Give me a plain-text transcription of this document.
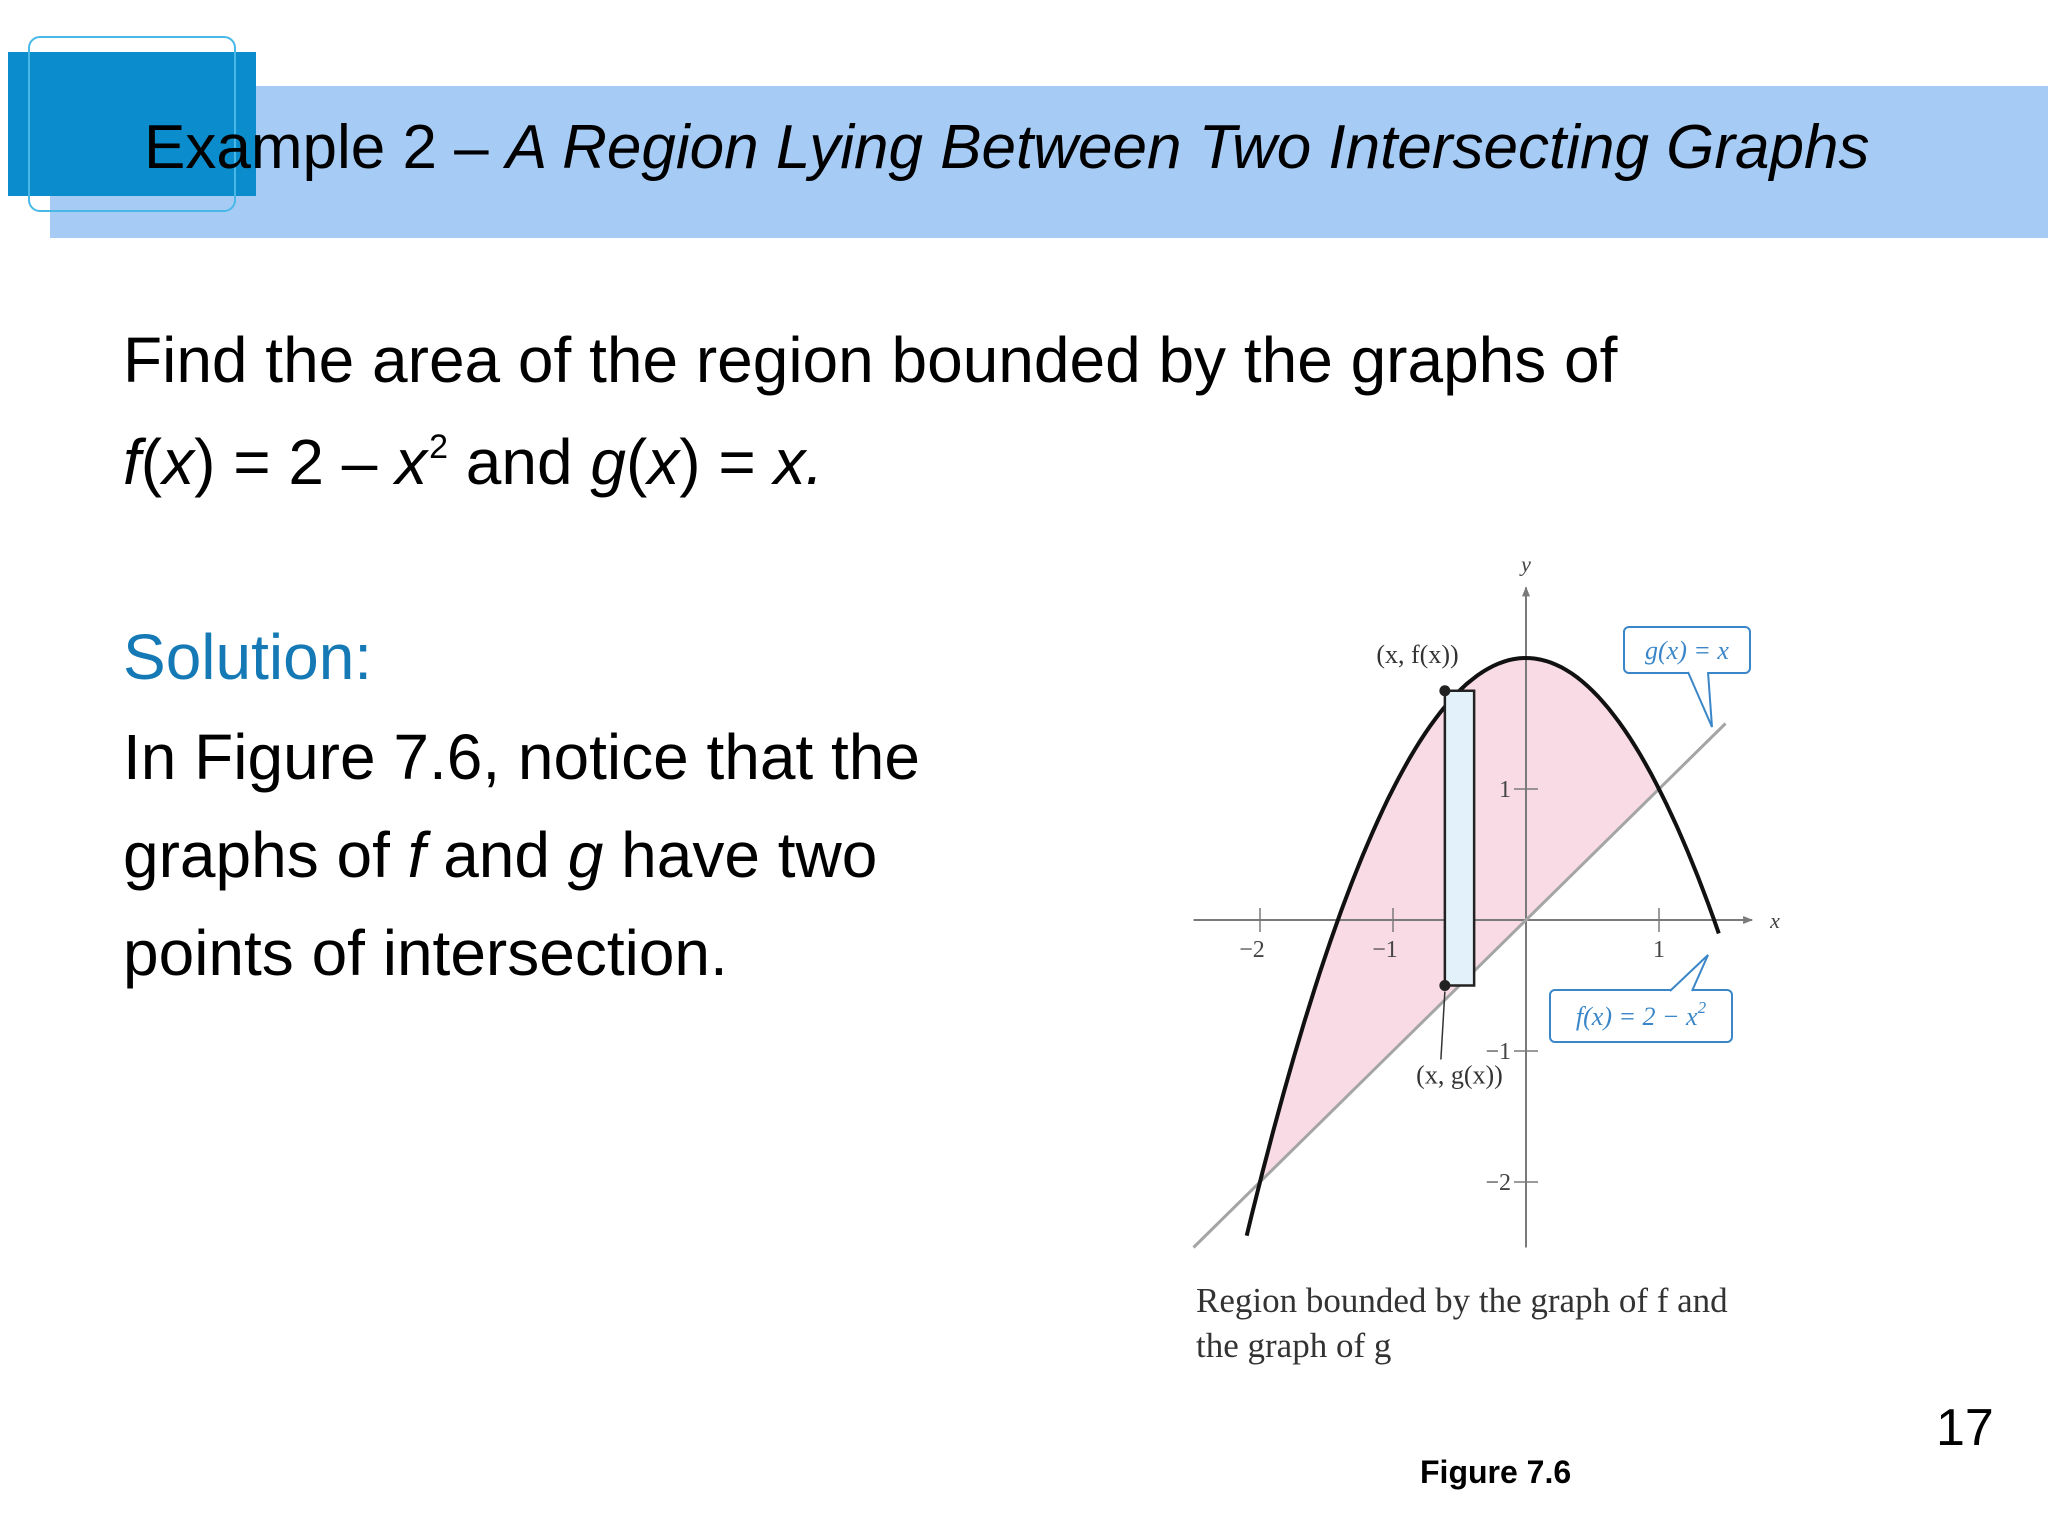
Example 2 – A Region Lying Between Two Intersecting Graphs
Find the area of the region bounded by the graphs of
$f(x) = 2 - x^2$ and g(x) = x.
Solution:
In Figure 7.6, notice that the
graphs of f and g have two
points of intersection.	−2	−1	1
1
−1
−2
x
y
(x, f(x))
(x, g(x))
g(x) = x
$f(x) = 2 - x^2$
Region bounded by the graph of f and
the graph of g
Figure 7.6
17
